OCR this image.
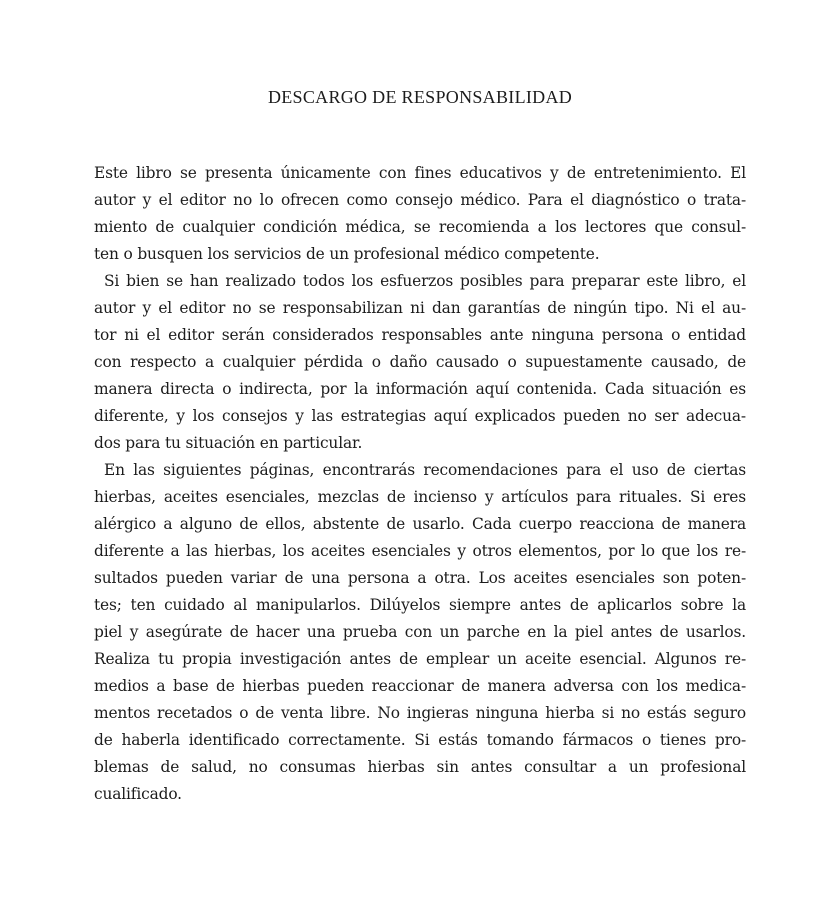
DESCARGO DE RESPONSABILIDAD
Este libro se presenta únicamente con fines educativos y de entretenimiento. El
autor y el editor no lo ofrecen como consejo médico. Para el diagnóstico o trata-
miento de cualquier condición médica, se recomienda a los lectores que consul-
ten o busquen los servicios de un profesional médico competente.
Si bien se han realizado todos los esfuerzos posibles para preparar este libro, el
autor y el editor no se responsabilizan ni dan garantías de ningún tipo. Ni el au-
tor ni el editor serán considerados responsables ante ninguna persona o entidad
con respecto a cualquier pérdida o daño causado o supuestamente causado, de
manera directa o indirecta, por la información aquí contenida. Cada situación es
diferente, y los consejos y las estrategias aquí explicados pueden no ser adecua-
dos para tu situación en particular.
En las siguientes páginas, encontrarás recomendaciones para el uso de ciertas
hierbas, aceites esenciales, mezclas de incienso y artículos para rituales. Si eres
alérgico a alguno de ellos, abstente de usarlo. Cada cuerpo reacciona de manera
diferente a las hierbas, los aceites esenciales y otros elementos, por lo que los re-
sultados pueden variar de una persona a otra. Los aceites esenciales son poten-
tes; ten cuidado al manipularlos. Dilúyelos siempre antes de aplicarlos sobre la
piel y asegúrate de hacer una prueba con un parche en la piel antes de usarlos.
Realiza tu propia investigación antes de emplear un aceite esencial. Algunos re-
medios a base de hierbas pueden reaccionar de manera adversa con los medica-
mentos recetados o de venta libre. No ingieras ninguna hierba si no estás seguro
de haberla identificado correctamente. Si estás tomando fármacos o tienes pro-
blemas de salud, no consumas hierbas sin antes consultar a un profesional
cualificado.
